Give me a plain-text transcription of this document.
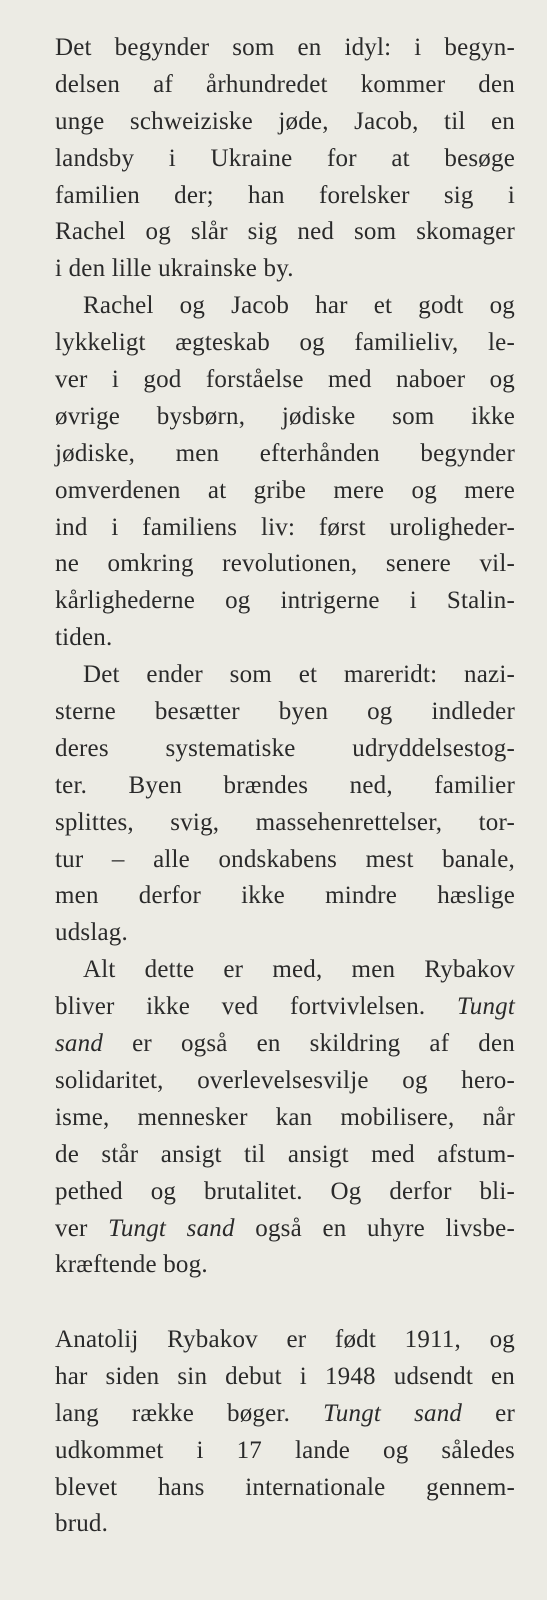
Det begynder som en idyl: i begyn-
delsen af århundredet kommer den
unge schweiziske jøde, Jacob, til en
landsby i Ukraine for at besøge
familien der; han forelsker sig i
Rachel og slår sig ned som skomager
i den lille ukrainske by.
Rachel og Jacob har et godt og
lykkeligt ægteskab og familieliv, le-
ver i god forståelse med naboer og
øvrige bysbørn, jødiske som ikke
jødiske, men efterhånden begynder
omverdenen at gribe mere og mere
ind i familiens liv: først uroligheder-
ne omkring revolutionen, senere vil-
kårlighederne og intrigerne i Stalin-
tiden.
Det ender som et mareridt: nazi-
sterne besætter byen og indleder
deres systematiske udryddelsestog-
ter. Byen brændes ned, familier
splittes, svig, massehenrettelser, tor-
tur – alle ondskabens mest banale,
men derfor ikke mindre hæslige
udslag.
Alt dette er med, men Rybakov
bliver ikke ved fortvivlelsen. Tungt
sand er også en skildring af den
solidaritet, overlevelsesvilje og hero-
isme, mennesker kan mobilisere, når
de står ansigt til ansigt med afstum-
pethed og brutalitet. Og derfor bli-
ver Tungt sand også en uhyre livsbe-
kræftende bog.
Anatolij Rybakov er født 1911, og
har siden sin debut i 1948 udsendt en
lang række bøger. Tungt sand er
udkommet i 17 lande og således
blevet hans internationale gennem-
brud.
